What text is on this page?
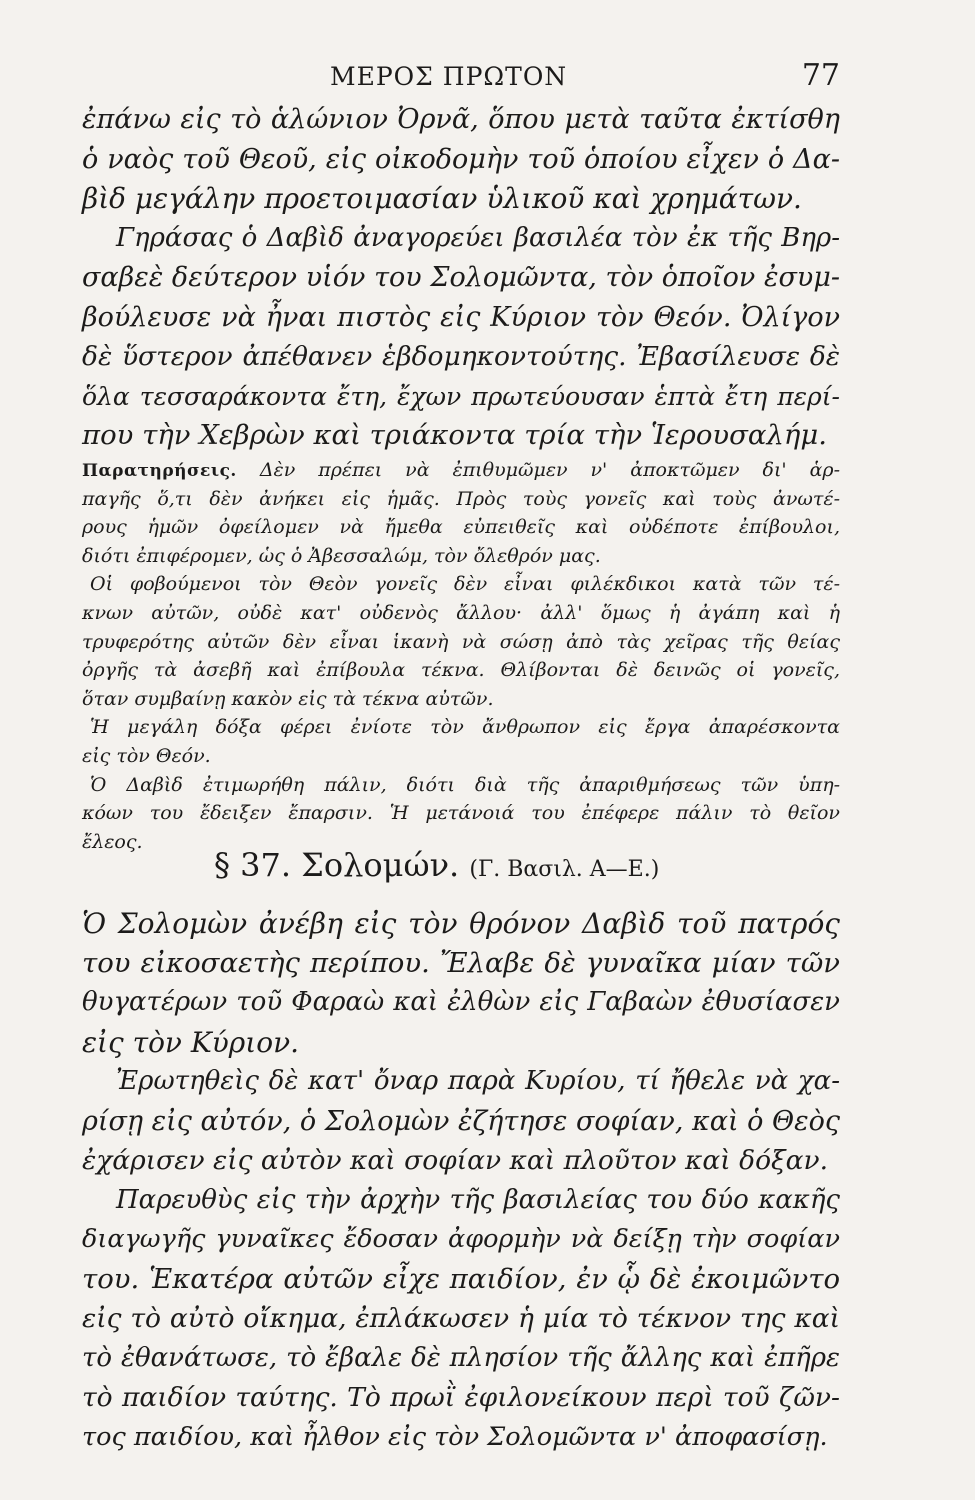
ΜΕΡΟΣ ΠΡΩΤΟΝ	77
ἐπάνω εἰς τὸ ἁλώνιον Ὀρνᾶ, ὅπου μετὰ ταῦτα ἐκτίσθη
ὁ ναὸς τοῦ Θεοῦ, εἰς οἰκοδομὴν τοῦ ὁποίου εἶχεν ὁ Δα-
βὶδ μεγάλην προετοιμασίαν ὑλικοῦ καὶ χρημάτων.
Γηράσας ὁ Δαβὶδ ἀναγορεύει βασιλέα τὸν ἐκ τῆς Βηρ-
σαβεὲ δεύτερον υἱόν του Σολομῶντα, τὸν ὁποῖον ἐσυμ-
βούλευσε νὰ ἦναι πιστὸς εἰς Κύριον τὸν Θεόν. Ὀλίγον
δὲ ὕστερον ἀπέθανεν ἑβδομηκοντούτης. Ἐβασίλευσε δὲ
ὅλα τεσσαράκοντα ἔτη, ἔχων πρωτεύουσαν ἑπτὰ ἔτη περί-
που τὴν Χεβρὼν καὶ τριάκοντα τρία τὴν Ἱερουσαλήμ.
Παρατηρήσεις. Δὲν πρέπει νὰ ἐπιθυμῶμεν ν' ἀποκτῶμεν δι' ἁρ-
παγῆς ὅ,τι δὲν ἀνήκει εἰς ἡμᾶς. Πρὸς τοὺς γονεῖς καὶ τοὺς ἀνωτέ-
ρους ἡμῶν ὀφείλομεν νὰ ἤμεθα εὐπειθεῖς καὶ οὐδέποτε ἐπίβουλοι,
διότι ἐπιφέρομεν, ὡς ὁ Ἀβεσσαλώμ, τὸν ὄλεθρόν μας.
Οἱ φοβούμενοι τὸν Θεὸν γονεῖς δὲν εἶναι φιλέκδικοι κατὰ τῶν τέ-
κνων αὐτῶν, οὐδὲ κατ' οὐδενὸς ἄλλου· ἀλλ' ὅμως ἡ ἀγάπη καὶ ἡ
τρυφερότης αὐτῶν δὲν εἶναι ἱκανὴ νὰ σώσῃ ἀπὸ τὰς χεῖρας τῆς θείας
ὀργῆς τὰ ἀσεβῆ καὶ ἐπίβουλα τέκνα. Θλίβονται δὲ δεινῶς οἱ γονεῖς,
ὅταν συμβαίνῃ κακὸν εἰς τὰ τέκνα αὐτῶν.
Ἡ μεγάλη δόξα φέρει ἐνίοτε τὸν ἄνθρωπον εἰς ἔργα ἀπαρέσκοντα
εἰς τὸν Θεόν.
Ὁ Δαβὶδ ἐτιμωρήθη πάλιν, διότι διὰ τῆς ἀπαριθμήσεως τῶν ὑπη-
κόων του ἔδειξεν ἔπαρσιν. Ἡ μετάνοιά του ἐπέφερε πάλιν τὸ θεῖον
ἔλεος.
§ 37. Σολομών. (Γ. Βασιλ. Α—Ε.)
Ὁ Σολομὼν ἀνέβη εἰς τὸν θρόνον Δαβὶδ τοῦ πατρός
του εἰκοσαετὴς περίπου. Ἔλαβε δὲ γυναῖκα μίαν τῶν
θυγατέρων τοῦ Φαραὼ καὶ ἐλθὼν εἰς Γαβαὼν ἐθυσίασεν
εἰς τὸν Κύριον.
Ἐρωτηθεὶς δὲ κατ' ὄναρ παρὰ Κυρίου, τί ἤθελε νὰ χα-
ρίσῃ εἰς αὐτόν, ὁ Σολομὼν ἐζήτησε σοφίαν, καὶ ὁ Θεὸς
ἐχάρισεν εἰς αὐτὸν καὶ σοφίαν καὶ πλοῦτον καὶ δόξαν.
Παρευθὺς εἰς τὴν ἀρχὴν τῆς βασιλείας του δύο κακῆς
διαγωγῆς γυναῖκες ἔδοσαν ἀφορμὴν νὰ δείξῃ τὴν σοφίαν
του. Ἑκατέρα αὐτῶν εἶχε παιδίον, ἐν ᾧ δὲ ἐκοιμῶντο
εἰς τὸ αὐτὸ οἴκημα, ἐπλάκωσεν ἡ μία τὸ τέκνον της καὶ
τὸ ἐθανάτωσε, τὸ ἔβαλε δὲ πλησίον τῆς ἄλλης καὶ ἐπῆρε
τὸ παιδίον ταύτης. Τὸ πρωῒ ἐφιλονείκουν περὶ τοῦ ζῶν-
τος παιδίου, καὶ ἦλθον εἰς τὸν Σολομῶντα ν' ἀποφασίσῃ.
